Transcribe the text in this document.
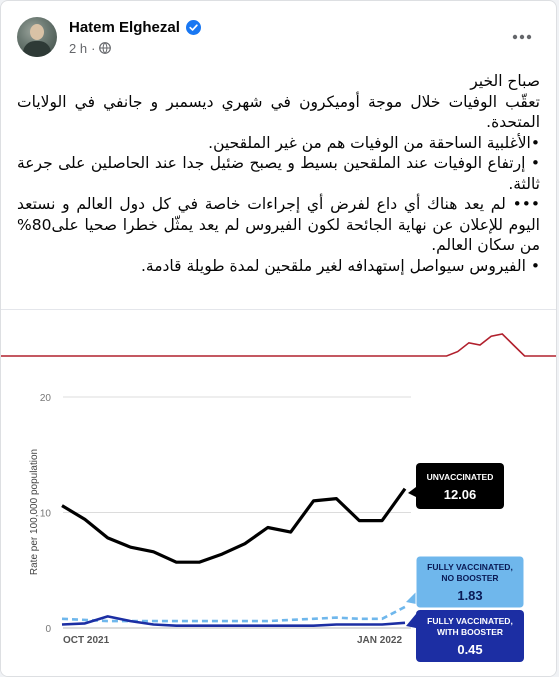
Hatem Elghezal
2 h ·

صباح الخير

تعقّب الوفيات خلال موجة أوميكرون في شهري ديسمبر و جانفي في الولايات المتحدة.

•الأغلبية الساحقة من الوفيات هم من غير الملقحين.

• إرتفاع الوفيات عند الملقحين بسيط و يصبح ضئيل جدا عند الحاصلين على جرعة ثالثة.

••• لم يعد هناك أي داع لفرض أي إجراءات خاصة في كل دول العالم و نستعد اليوم للإعلان عن نهاية الجائحة لكون الفيروس لم يعد يمثّل خطرا صحيا على80% من سكان العالم.

• الفيروس سيواصل إستهدافه لغير ملقحين لمدة طويلة قادمة.

20
10
0
Rate per 100,000 population
OCT 2021	JAN 2022
UNVACCINATED
12.06
FULLY VACCINATED,
NO BOOSTER
1.83
FULLY VACCINATED,
WITH BOOSTER
0.45
